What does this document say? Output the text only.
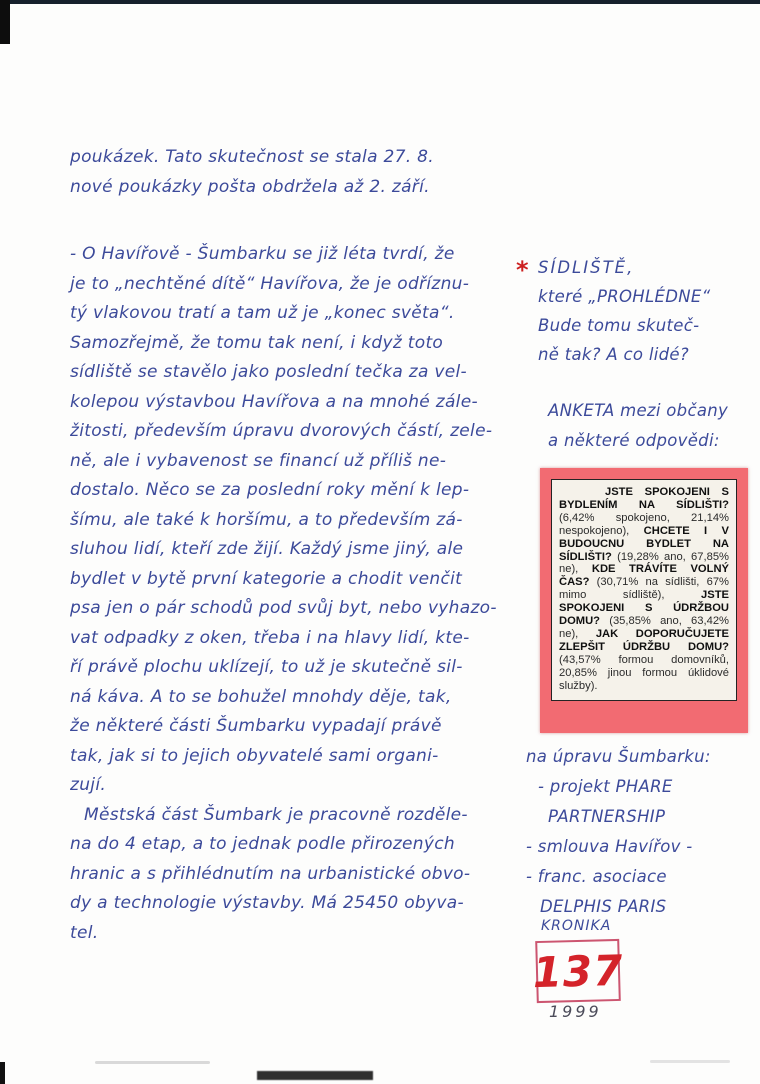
poukázek. Tato skutečnost se stala 27. 8.
nové poukázky pošta obdržela až 2. září.
- O Havířově - Šumbarku se již léta tvrdí, že
je to „nechtěné dítě“ Havířova, že je odříznu-
tý vlakovou tratí a tam už je „konec světa“.
Samozřejmě, že tomu tak není, i když toto
sídliště se stavělo jako poslední tečka za vel-
kolepou výstavbou Havířova a na mnohé zále-
žitosti, především úpravu dvorových částí, zele-
ně, ale i vybavenost se financí už příliš ne-
dostalo. Něco se za poslední roky mění k lep-
šímu, ale také k horšímu, a to především zá-
sluhou lidí, kteří zde žijí. Každý jsme jiný, ale
bydlet v bytě první kategorie a chodit venčit
psa jen o pár schodů pod svůj byt, nebo vyhazo-
vat odpadky z oken, třeba i na hlavy lidí, kte-
ří právě plochu uklízejí, to už je skutečně sil-
ná káva. A to se bohužel mnohdy děje, tak,
že některé části Šumbarku vypadají právě
tak, jak si to jejich obyvatelé sami organi-
zují.
Městská část Šumbark je pracovně rozděle-
na do 4 etap, a to jednak podle přirozených
hranic a s přihlédnutím na urbanistické obvo-
dy a technologie výstavby. Má 25450 obyva-
tel.
* SÍDLIŠTĚ,
které „PROHLÉDNE“
Bude tomu skuteč-
ně tak? A co lidé?
ANKETA mezi občany
a některé odpovědi:
JSTE SPOKOJENI S BYDLENÍM NA SÍDLIŠTI? (6,42% spokojeno, 21,14% nespokojeno), CHCETE I V BUDOUCNU BYDLET NA SÍDLIŠTI? (19,28% ano, 67,85% ne), KDE TRÁVÍTE VOLNÝ ČAS? (30,71% na sídlišti, 67% mimo sídliště), JSTE SPOKOJENI S ÚDRŽBOU DOMU? (35,85% ano, 63,42% ne), JAK DOPORUČUJETE ZLEPŠIT ÚDRŽBU DOMU? (43,57% formou domovníků, 20,85% jinou formou úklidové služby).
na úpravu Šumbarku:
- projekt PHARE
PARTNERSHIP
- smlouva Havířov -
- franc. asociace
DELPHIS PARIS
KRONIKA
137
1999
